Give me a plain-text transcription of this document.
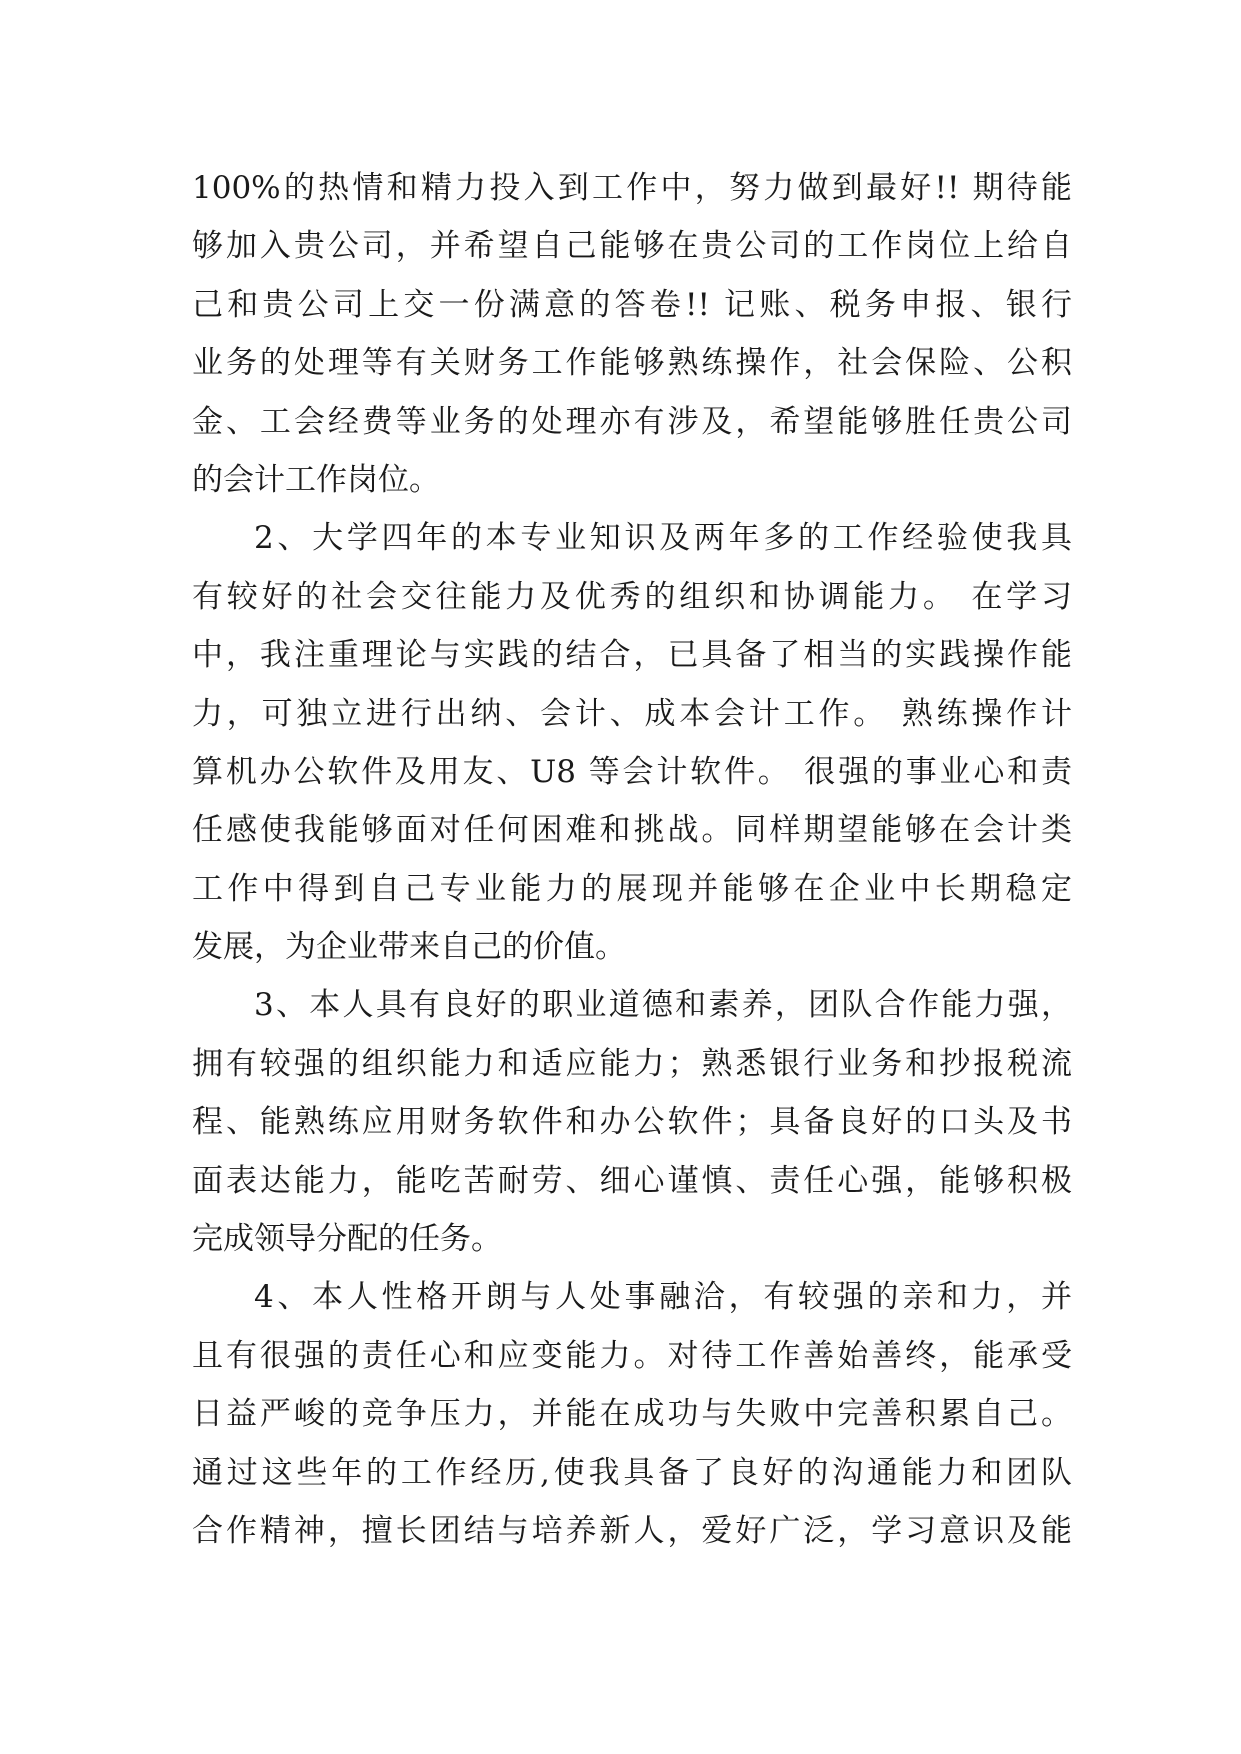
100%的热情和精力投入到工作中，努力做到最好!! 期待能
够加入贵公司，并希望自己能够在贵公司的工作岗位上给自
己和贵公司上交一份满意的答卷!! 记账、税务申报、银行
业务的处理等有关财务工作能够熟练操作，社会保险、公积
金、工会经费等业务的处理亦有涉及，希望能够胜任贵公司
的会计工作岗位。
2、大学四年的本专业知识及两年多的工作经验使我具
有较好的社会交往能力及优秀的组织和协调能力。 在学习
中，我注重理论与实践的结合，已具备了相当的实践操作能
力，可独立进行出纳、会计、成本会计工作。 熟练操作计
算机办公软件及用友、U8 等会计软件。 很强的事业心和责
任感使我能够面对任何困难和挑战。同样期望能够在会计类
工作中得到自己专业能力的展现并能够在企业中长期稳定
发展，为企业带来自己的价值。
3、本人具有良好的职业道德和素养，团队合作能力强，
拥有较强的组织能力和适应能力；熟悉银行业务和抄报税流
程、能熟练应用财务软件和办公软件；具备良好的口头及书
面表达能力，能吃苦耐劳、细心谨慎、责任心强，能够积极
完成领导分配的任务。
4、本人性格开朗与人处事融洽，有较强的亲和力，并
且有很强的责任心和应变能力。对待工作善始善终，能承受
日益严峻的竞争压力，并能在成功与失败中完善积累自己。
通过这些年的工作经历,使我具备了良好的沟通能力和团队
合作精神，擅长团结与培养新人，爱好广泛，学习意识及能
